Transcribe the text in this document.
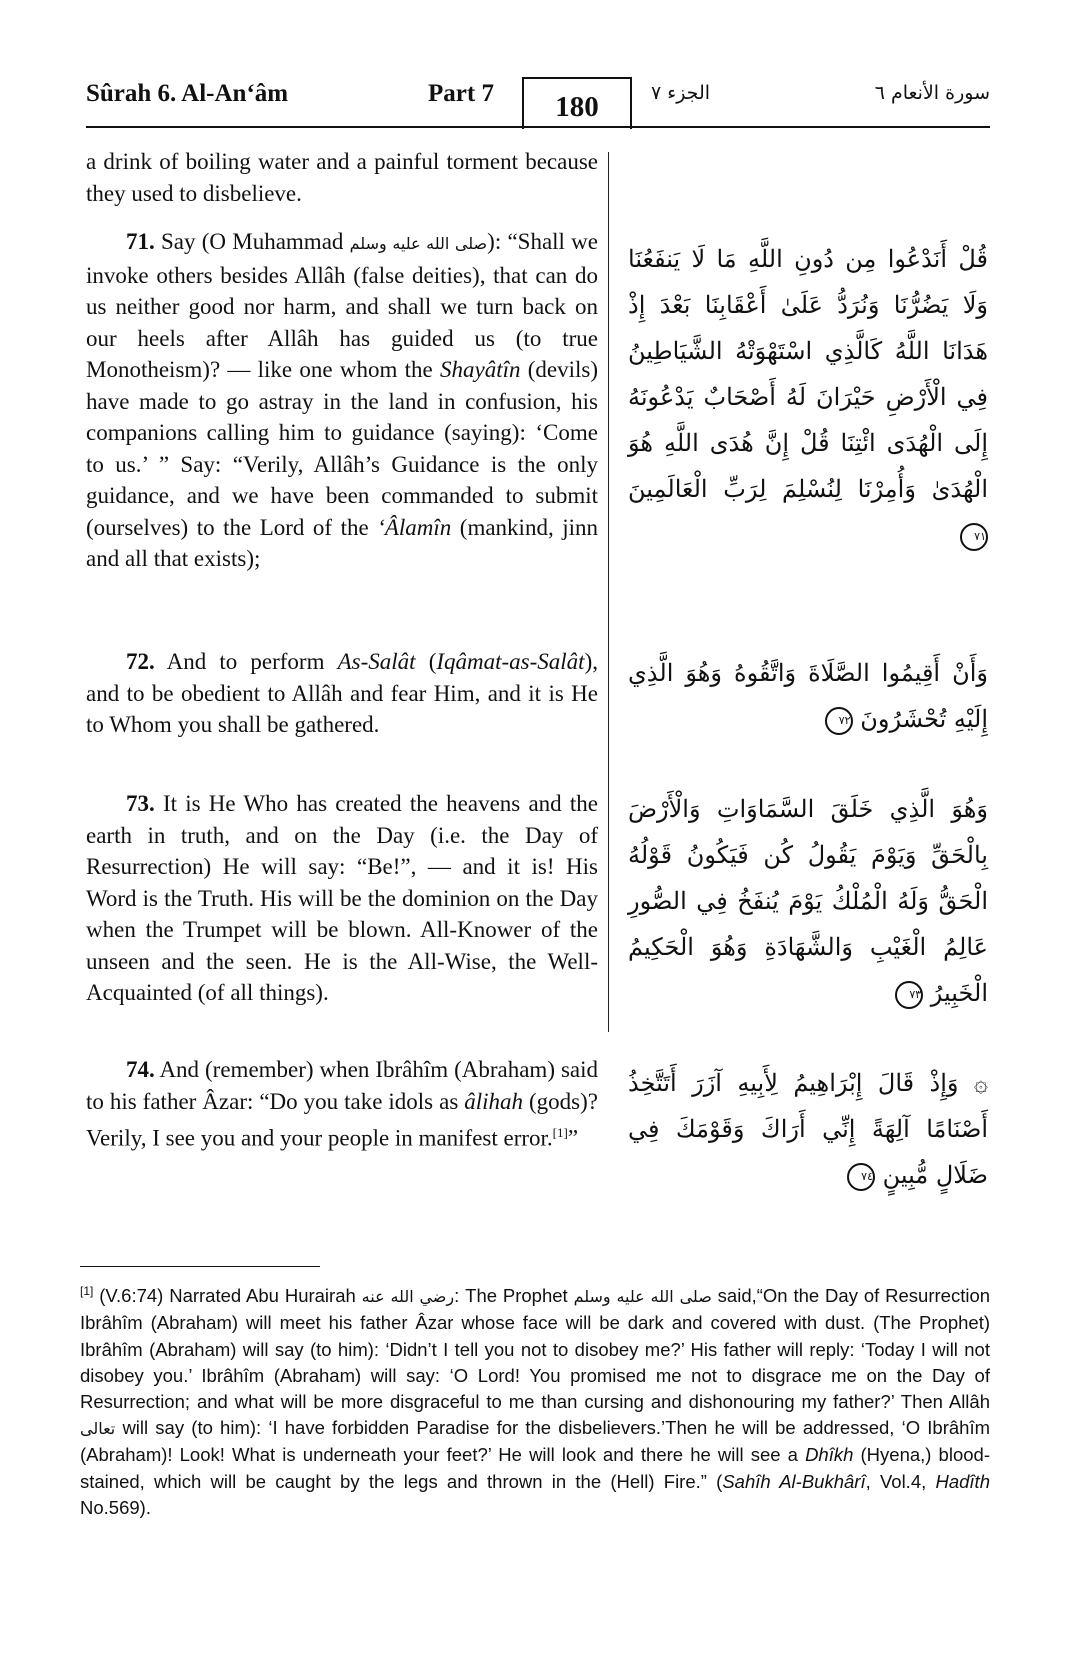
Sûrah 6. Al-An‘âm	Part 7	180	الجزء ٧	سورة الأنعام ٦
a drink of boiling water and a painful torment because they used to disbelieve.
71. Say (O Muhammad صلى الله عليه وسلم): “Shall we invoke others besides Allâh (false deities), that can do us neither good nor harm, and shall we turn back on our heels after Allâh has guided us (to true Monotheism)? — like one whom the Shayâtîn (devils) have made to go astray in the land in confusion, his companions calling him to guidance (saying): ‘Come to us.’ ” Say: “Verily, Allâh’s Guidance is the only guidance, and we have been commanded to submit (ourselves) to the Lord of the ‘Âlamîn (mankind, jinn and all that exists);
72. And to perform As-Salât (Iqâmat-as-Salât), and to be obedient to Allâh and fear Him, and it is He to Whom you shall be gathered.
73. It is He Who has created the heavens and the earth in truth, and on the Day (i.e. the Day of Resurrection) He will say: “Be!”, — and it is! His Word is the Truth. His will be the dominion on the Day when the Trumpet will be blown. All-Knower of the unseen and the seen. He is the All-Wise, the Well-Acquainted (of all things).
74. And (remember) when Ibrâhîm (Abraham) said to his father Âzar: “Do you take idols as âlihah (gods)? Verily, I see you and your people in manifest error.[1]”
قُلْ أَنَدْعُوا مِن دُونِ اللَّهِ مَا لَا يَنفَعُنَا وَلَا يَضُرُّنَا وَنُرَدُّ عَلَىٰ أَعْقَابِنَا بَعْدَ إِذْ هَدَانَا اللَّهُ كَالَّذِي اسْتَهْوَتْهُ الشَّيَاطِينُ فِي الْأَرْضِ حَيْرَانَ لَهُ أَصْحَابٌ يَدْعُونَهُ إِلَى الْهُدَى ائْتِنَا قُلْ إِنَّ هُدَى اللَّهِ هُوَ الْهُدَىٰ وَأُمِرْنَا لِنُسْلِمَ لِرَبِّ الْعَالَمِينَ ٧١
وَأَنْ أَقِيمُوا الصَّلَاةَ وَاتَّقُوهُ وَهُوَ الَّذِي إِلَيْهِ تُحْشَرُونَ ٧٢
وَهُوَ الَّذِي خَلَقَ السَّمَاوَاتِ وَالْأَرْضَ بِالْحَقِّ وَيَوْمَ يَقُولُ كُن فَيَكُونُ قَوْلُهُ الْحَقُّ وَلَهُ الْمُلْكُ يَوْمَ يُنفَخُ فِي الصُّورِ عَالِمُ الْغَيْبِ وَالشَّهَادَةِ وَهُوَ الْحَكِيمُ الْخَبِيرُ ٧٣
۞ وَإِذْ قَالَ إِبْرَاهِيمُ لِأَبِيهِ آزَرَ أَتَتَّخِذُ أَصْنَامًا آلِهَةً إِنِّي أَرَاكَ وَقَوْمَكَ فِي ضَلَالٍ مُّبِينٍ ٧٤
[1] (V.6:74) Narrated Abu Hurairah رضي الله عنه: The Prophet صلى الله عليه وسلم said,“On the Day of Resurrection Ibrâhîm (Abraham) will meet his father Âzar whose face will be dark and covered with dust. (The Prophet) Ibrâhîm (Abraham) will say (to him): ‘Didn’t I tell you not to disobey me?’ His father will reply: ‘Today I will not disobey you.’ Ibrâhîm (Abraham) will say: ‘O Lord! You promised me not to disgrace me on the Day of Resurrection; and what will be more disgraceful to me than cursing and dishonouring my father?’ Then Allâh تعالى will say (to him): ‘I have forbidden Paradise for the disbelievers.’Then he will be addressed, ‘O Ibrâhîm (Abraham)! Look! What is underneath your feet?’ He will look and there he will see a Dhîkh (Hyena,) blood-stained, which will be caught by the legs and thrown in the (Hell) Fire.” (Sahîh Al-Bukhârî, Vol.4, Hadîth No.569).
